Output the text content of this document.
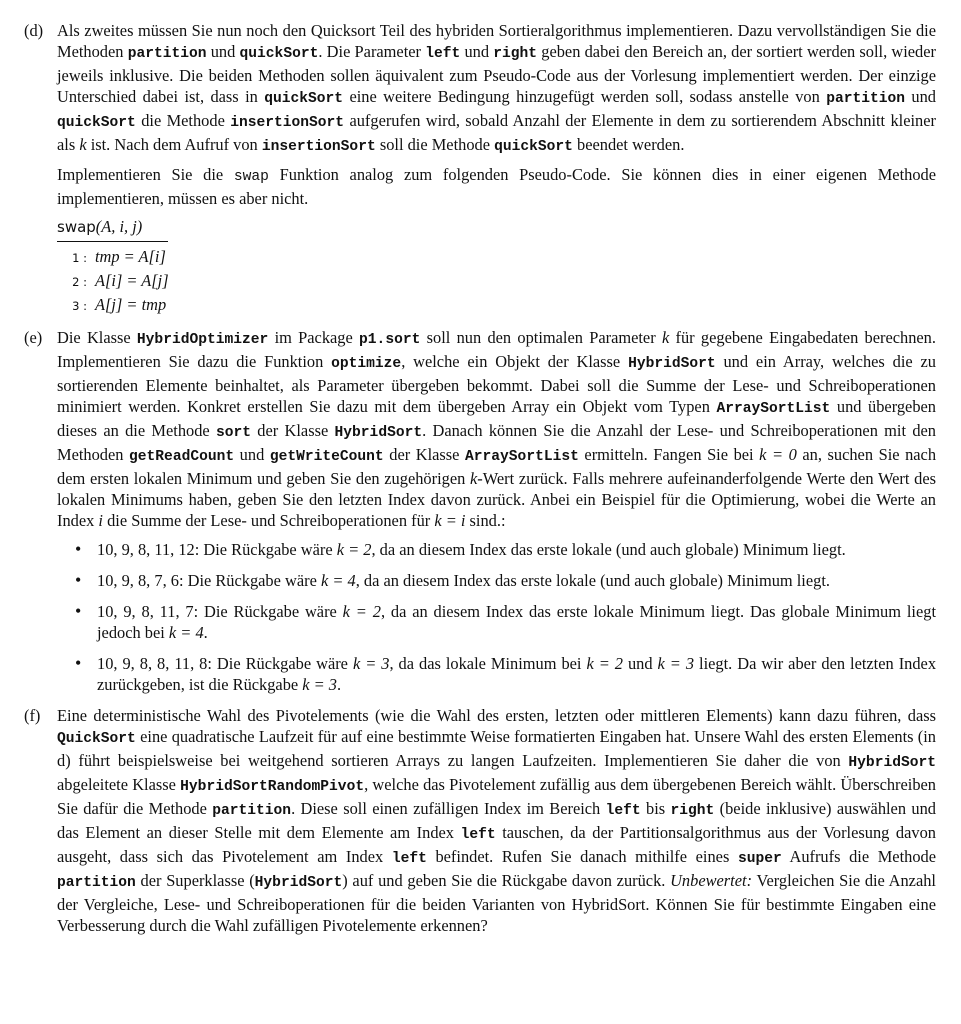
(d) Als zweites müssen Sie nun noch den Quicksort Teil des hybriden Sortieralgorithmus implementieren. Dazu vervollständigen Sie die Methoden partition und quickSort. Die Parameter left und right geben dabei den Bereich an, der sortiert werden soll, wieder jeweils inklusive. Die beiden Methoden sollen äquivalent zum Pseudo-Code aus der Vorlesung implementiert werden. Der einzige Unterschied dabei ist, dass in quickSort eine weitere Bedingung hinzugefügt werden soll, sodass anstelle von partition und quickSort die Methode insertionSort aufgerufen wird, sobald Anzahl der Elemente in dem zu sortierendem Abschnitt kleiner als k ist. Nach dem Aufruf von insertionSort soll die Methode quickSort beendet werden.

Implementieren Sie die swap Funktion analog zum folgenden Pseudo-Code. Sie können dies in einer eigenen Methode implementieren, müssen es aber nicht.

swap(A, i, j)
1 : tmp = A[i]
2 : A[i] = A[j]
3 : A[j] = tmp
(e) Die Klasse HybridOptimizer im Package p1.sort soll nun den optimalen Parameter k für gegebene Eingabedaten berechnen. Implementieren Sie dazu die Funktion optimize, welche ein Objekt der Klasse HybridSort und ein Array, welches die zu sortierenden Elemente beinhaltet, als Parameter übergeben bekommt. Dabei soll die Summe der Lese- und Schreiboperationen minimiert werden. Konkret erstellen Sie dazu mit dem übergeben Array ein Objekt vom Typen ArraySortList und übergeben dieses an die Methode sort der Klasse HybridSort. Danach können Sie die Anzahl der Lese- und Schreiboperationen mit den Methoden getReadCount und getWriteCount der Klasse ArraySortList ermitteln. Fangen Sie bei k = 0 an, suchen Sie nach dem ersten lokalen Minimum und geben Sie den zugehörigen k-Wert zurück. Falls mehrere aufeinanderfolgende Werte den Wert des lokalen Minimums haben, geben Sie den letzten Index davon zurück. Anbei ein Beispiel für die Optimierung, wobei die Werte an Index i die Summe der Lese- und Schreiboperationen für k = i sind.:

• 10, 9, 8, 11, 12: Die Rückgabe wäre k = 2, da an diesem Index das erste lokale (und auch globale) Minimum liegt.
• 10, 9, 8, 7, 6: Die Rückgabe wäre k = 4, da an diesem Index das erste lokale (und auch globale) Minimum liegt.
• 10, 9, 8, 11, 7: Die Rückgabe wäre k = 2, da an diesem Index das erste lokale Minimum liegt. Das globale Minimum liegt jedoch bei k = 4.
• 10, 9, 8, 8, 11, 8: Die Rückgabe wäre k = 3, da das lokale Minimum bei k = 2 und k = 3 liegt. Da wir aber den letzten Index zurückgeben, ist die Rückgabe k = 3.
(f) Eine deterministische Wahl des Pivotelements (wie die Wahl des ersten, letzten oder mittleren Elements) kann dazu führen, dass QuickSort eine quadratische Laufzeit für auf eine bestimmte Weise formatierten Eingaben hat. Unsere Wahl des ersten Elements (in d) führt beispielsweise bei weitgehend sortieren Arrays zu langen Laufzeiten. Implementieren Sie daher die von HybridSort abgeleitete Klasse HybridSortRandomPivot, welche das Pivotelement zufällig aus dem übergebenen Bereich wählt. Überschreiben Sie dafür die Methode partition. Diese soll einen zufälligen Index im Bereich left bis right (beide inklusive) auswählen und das Element an dieser Stelle mit dem Elemente am Index left tauschen, da der Partitionsalgorithmus aus der Vorlesung davon ausgeht, dass sich das Pivotelement am Index left befindet. Rufen Sie danach mithilfe eines super Aufrufs die Methode partition der Superklasse (HybridSort) auf und geben Sie die Rückgabe davon zurück. Unbewertet: Vergleichen Sie die Anzahl der Vergleiche, Lese- und Schreiboperationen für die beiden Varianten von HybridSort. Können Sie für bestimmte Eingaben eine Verbesserung durch die Wahl zufälligen Pivotelemente erkennen?
